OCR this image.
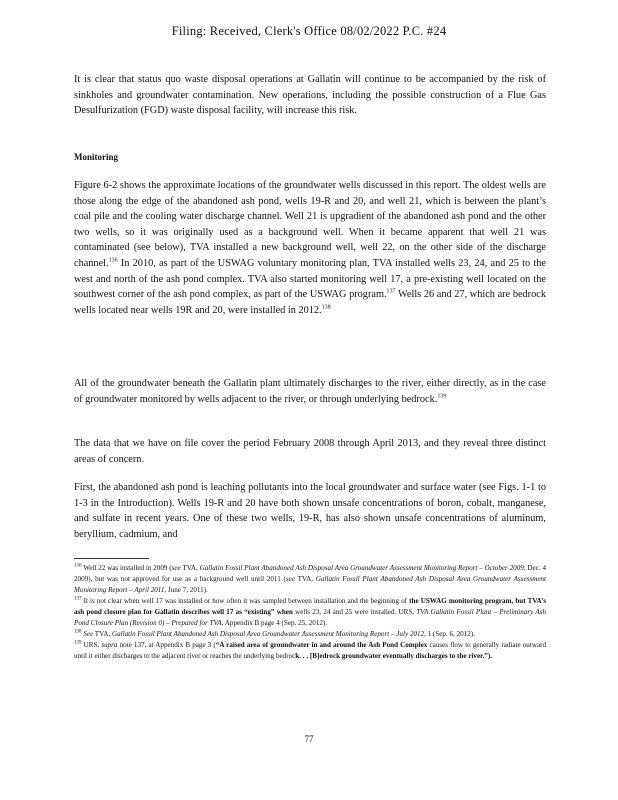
Filing: Received, Clerk's Office 08/02/2022 P.C. #24

It is clear that status quo waste disposal operations at Gallatin will continue to be accompanied by the risk of sinkholes and groundwater contamination. New operations, including the possible construction of a Flue Gas Desulfurization (FGD) waste disposal facility, will increase this risk.

Monitoring

Figure 6-2 shows the approximate locations of the groundwater wells discussed in this report. The oldest wells are those along the edge of the abandoned ash pond, wells 19-R and 20, and well 21, which is between the plant’s coal pile and the cooling water discharge channel. Well 21 is upgradient of the abandoned ash pond and the other two wells, so it was originally used as a background well. When it became apparent that well 21 was contaminated (see below), TVA installed a new background well, well 22, on the other side of the discharge channel.$^{136}$ In 2010, as part of the USWAG voluntary monitoring plan, TVA installed wells 23, 24, and 25 to the west and north of the ash pond complex. TVA also started monitoring well 17, a pre-existing well located on the southwest corner of the ash pond complex, as part of the USWAG program.$^{137}$ Wells 26 and 27, which are bedrock wells located near wells 19R and 20, were installed in 2012.$^{138}$

All of the groundwater beneath the Gallatin plant ultimately discharges to the river, either directly, as in the case of groundwater monitored by wells adjacent to the river, or through underlying bedrock.$^{139}$

The data that we have on file cover the period February 2008 through April 2013, and they reveal three distinct areas of concern.

First, the abandoned ash pond is leaching pollutants into the local groundwater and surface water (see Figs. 1-1 to 1-3 in the Introduction). Wells 19-R and 20 have both shown unsafe concentrations of boron, cobalt, manganese, and sulfate in recent years. One of these two wells, 19-R, has also shown unsafe concentrations of aluminum, beryllium, cadmium, and

$^{136}$ Well 22 was installed in 2009 (see TVA, Gallatin Fossil Plant Abandoned Ash Disposal Area Groundwater Assessment Monitoring Report – October 2009, Dec. 4 2009), but was not approved for use as a background well until 2011 (see TVA, Gallatin Fossil Plant Abandoned Ash Disposal Area Groundwater Assessment Monitoring Report – April 2011, June 7, 2011).

$^{137}$ It is not clear when well 17 was installed or how often it was sampled between installation and the beginning of the USWAG monitoring program, but TVA’s ash pond closure plan for Gallatin describes well 17 as “existing” when wells 23, 24 and 25 were installed. URS, TVA Gallatin Fossil Plant – Preliminary Ash Pond Closure Plan (Revision 0) – Prepared for TVA, Appendix B page 4 (Sep. 25, 2012).

$^{138}$ See TVA, Gallatin Fossil Plant Abandoned Ash Disposal Area Groundwater Assessment Monitoring Report – July 2012, 1 (Sep. 6, 2012).

$^{139}$ URS, supra note 137, at Appendix B page 3 (“A raised area of groundwater in and around the Ash Pond Complex causes flow to generally radiate outward until it either discharges to the adjacent river or reaches the underlying bedrock. . . [B]edrock groundwater eventually discharges to the river.”).

77
